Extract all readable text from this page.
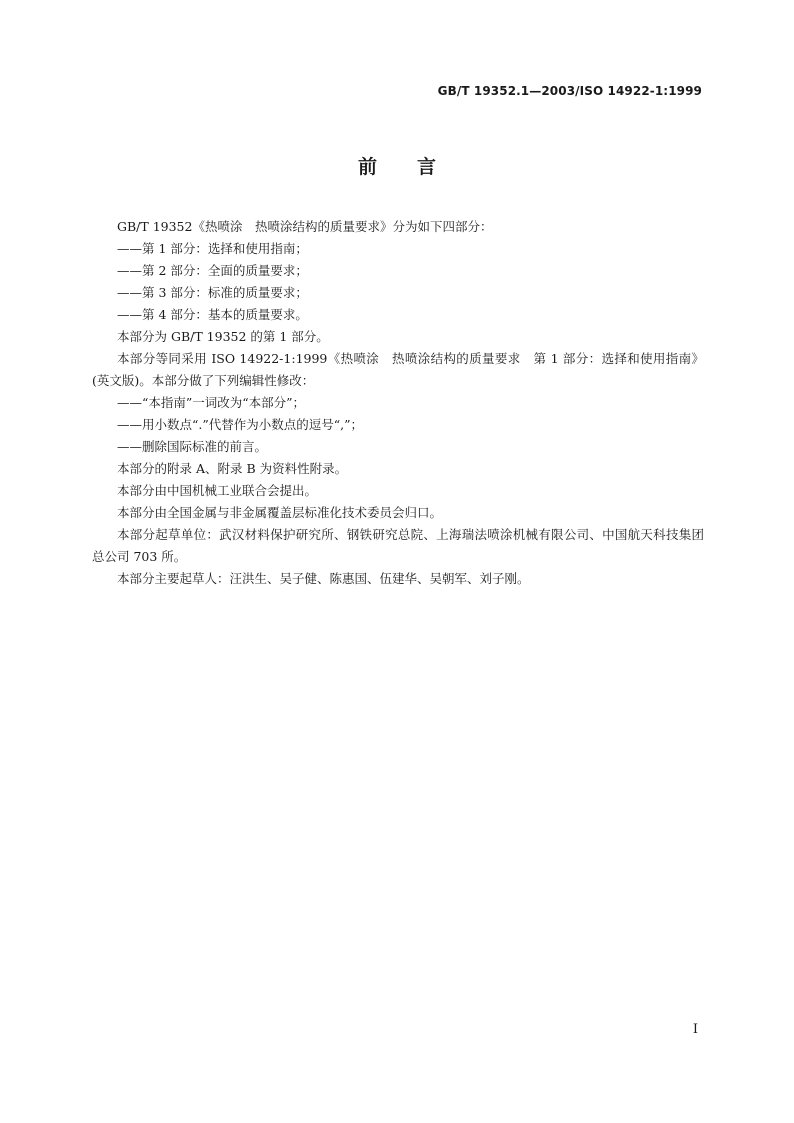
GB/T 19352.1—2003/ISO 14922-1:1999
前言

GB/T 19352《热喷涂　热喷涂结构的质量要求》分为如下四部分：

——第 1 部分：选择和使用指南；

——第 2 部分：全面的质量要求；

——第 3 部分：标准的质量要求；

——第 4 部分：基本的质量要求。

本部分为 GB/T 19352 的第 1 部分。

本部分等同采用 ISO 14922-1:1999《热喷涂　热喷涂结构的质量要求　第 1 部分：选择和使用指南》(英文版)。本部分做了下列编辑性修改：

——“本指南”一词改为“本部分”；

——用小数点“.”代替作为小数点的逗号“,”；

——删除国际标准的前言。

本部分的附录 A、附录 B 为资料性附录。

本部分由中国机械工业联合会提出。

本部分由全国金属与非金属覆盖层标准化技术委员会归口。

本部分起草单位：武汉材料保护研究所、钢铁研究总院、上海瑞法喷涂机械有限公司、中国航天科技集团总公司 703 所。

本部分主要起草人：汪洪生、吴子健、陈惠国、伍建华、吴朝军、刘子刚。

I
